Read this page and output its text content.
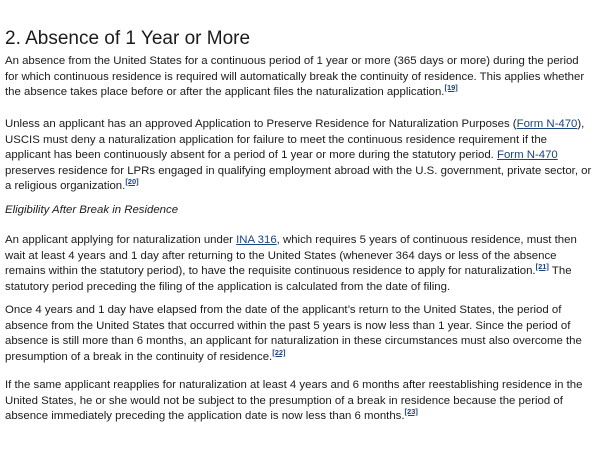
2. Absence of 1 Year or More

An absence from the United States for a continuous period of 1 year or more (365 days or more) during the period for which continuous residence is required will automatically break the continuity of residence. This applies whether the absence takes place before or after the applicant files the naturalization application.[19]

Unless an applicant has an approved Application to Preserve Residence for Naturalization Purposes (Form N-470), USCIS must deny a naturalization application for failure to meet the continuous residence requirement if the applicant has been continuously absent for a period of 1 year or more during the statutory period. Form N-470 preserves residence for LPRs engaged in qualifying employment abroad with the U.S. government, private sector, or a religious organization.[20]

Eligibility After Break in Residence

An applicant applying for naturalization under INA 316, which requires 5 years of continuous residence, must then wait at least 4 years and 1 day after returning to the United States (whenever 364 days or less of the absence remains within the statutory period), to have the requisite continuous residence to apply for naturalization.[21] The statutory period preceding the filing of the application is calculated from the date of filing.

Once 4 years and 1 day have elapsed from the date of the applicant’s return to the United States, the period of absence from the United States that occurred within the past 5 years is now less than 1 year. Since the period of absence is still more than 6 months, an applicant for naturalization in these circumstances must also overcome the presumption of a break in the continuity of residence.[22]

If the same applicant reapplies for naturalization at least 4 years and 6 months after reestablishing residence in the United States, he or she would not be subject to the presumption of a break in residence because the period of absence immediately preceding the application date is now less than 6 months.[23]
